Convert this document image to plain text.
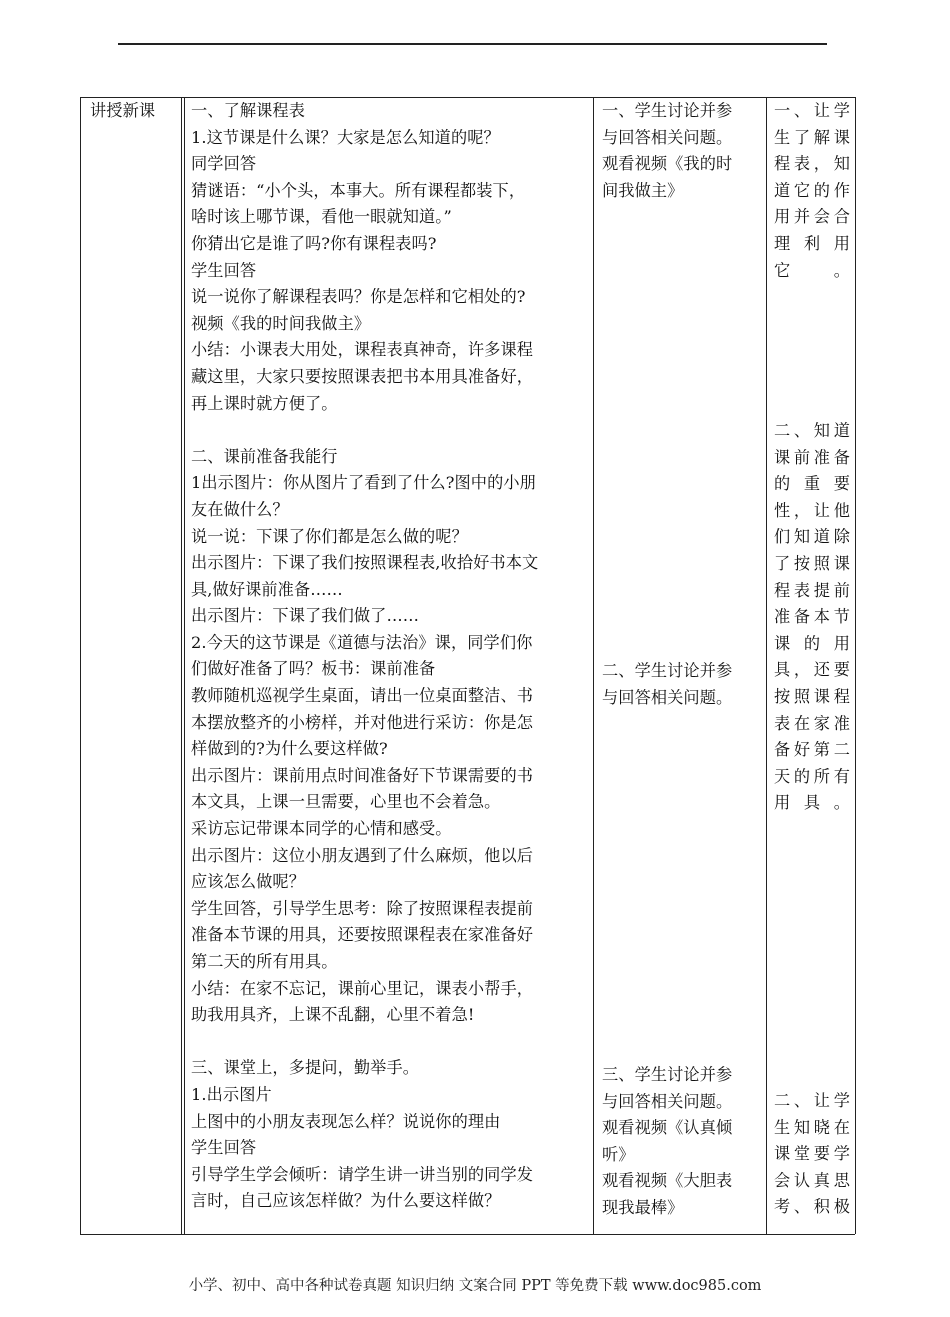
讲授新课 一、了解课程表

1.这节课是什么课？大家是怎么知道的呢？

同学回答

猜谜语：“小个头，本事大。所有课程都装下，

啥时该上哪节课，看他一眼就知道。”

你猜出它是谁了吗?你有课程表吗?

学生回答

说一说你了解课程表吗？你是怎样和它相处的?

视频《我的时间我做主》

小结：小课表大用处，课程表真神奇，许多课程

藏这里，大家只要按照课表把书本用具准备好，

再上课时就方便了。

二、课前准备我能行

1出示图片：你从图片了看到了什么?图中的小朋

友在做什么？

说一说：下课了你们都是怎么做的呢？

出示图片：下课了我们按照课程表,收拾好书本文

具,做好课前准备……

出示图片：下课了我们做了……

2.今天的这节课是《道德与法治》课，同学们你

们做好准备了吗？板书：课前准备

教师随机巡视学生桌面，请出一位桌面整洁、书

本摆放整齐的小榜样，并对他进行采访：你是怎

样做到的?为什么要这样做?

出示图片：课前用点时间准备好下节课需要的书

本文具，上课一旦需要，心里也不会着急。

采访忘记带课本同学的心情和感受。

出示图片：这位小朋友遇到了什么麻烦，他以后

应该怎么做呢？

学生回答，引导学生思考：除了按照课程表提前

准备本节课的用具，还要按照课程表在家准备好

第二天的所有用具。

小结：在家不忘记，课前心里记，课表小帮手，

助我用具齐，上课不乱翻，心里不着急!

三、课堂上，多提问，勤举手。

1.出示图片

上图中的小朋友表现怎么样？说说你的理由

学生回答

引导学生学会倾听：请学生讲一讲当别的同学发

言时，自己应该怎样做？为什么要这样做？

一、学生讨论并参

与回答相关问题。

观看视频《我的时

间我做主》

二、学生讨论并参

与回答相关问题。

三、学生讨论并参

与回答相关问题。

观看视频《认真倾

听》

观看视频《大胆表

现我最棒》

一、让学

生了解课

程表，知

道它的作

用并会合

理利用

它。

二、知道

课前准备

的重要

性，让他

们知道除

了按照课

程表提前

准备本节

课的用

具，还要

按照课程

表在家准

备好第二

天的所有

用具。

二、让学

生知晓在

课堂要学

会认真思

考、积极

小学、初中、高中各种试卷真题 知识归纳 文案合同 PPT 等免费下载 www.doc985.com
